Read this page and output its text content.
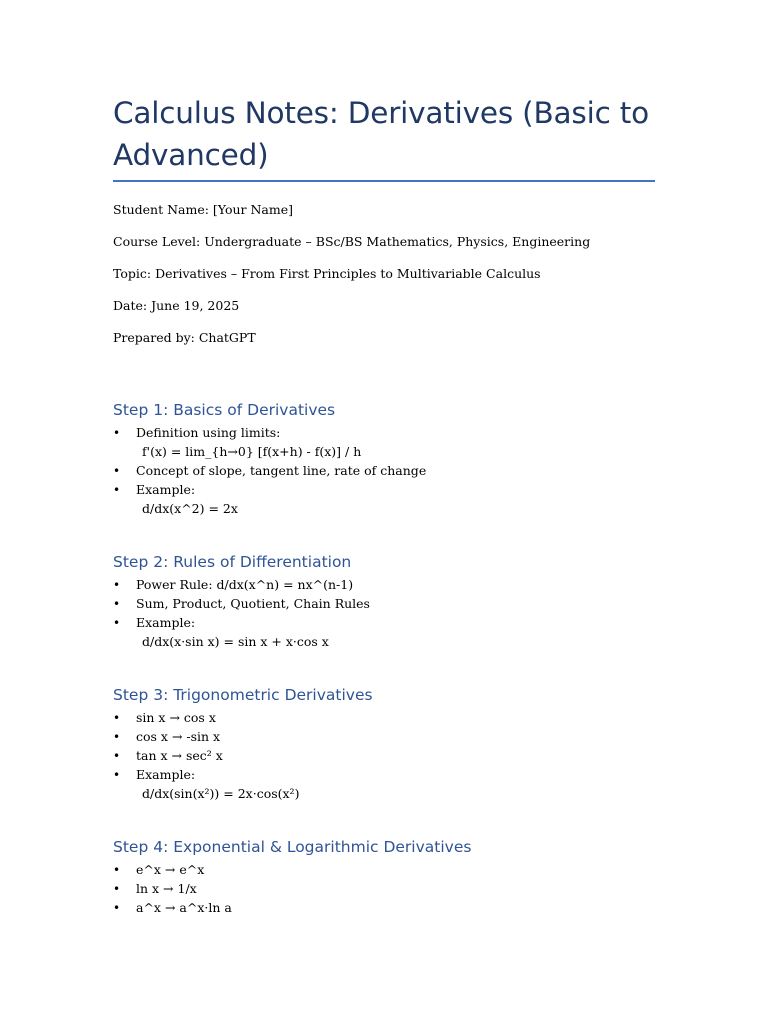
Calculus Notes: Derivatives (Basic to Advanced)
Student Name: [Your Name]
Course Level: Undergraduate – BSc/BS Mathematics, Physics, Engineering
Topic: Derivatives – From First Principles to Multivariable Calculus
Date: June 19, 2025
Prepared by: ChatGPT
Step 1: Basics of Derivatives
• Definition using limits:
f'(x) = lim_{h→0} [f(x+h) - f(x)] / h
• Concept of slope, tangent line, rate of change
• Example:
d/dx(x^2) = 2x
Step 2: Rules of Differentiation
• Power Rule: d/dx(x^n) = nx^(n-1)
• Sum, Product, Quotient, Chain Rules
• Example:
d/dx(x·sin x) = sin x + x·cos x
Step 3: Trigonometric Derivatives
• sin x → cos x
• cos x → -sin x
• tan x → sec² x
• Example:
d/dx(sin(x²)) = 2x·cos(x²)
Step 4: Exponential & Logarithmic Derivatives
• e^x → e^x
• ln x → 1/x
• a^x → a^x·ln a
